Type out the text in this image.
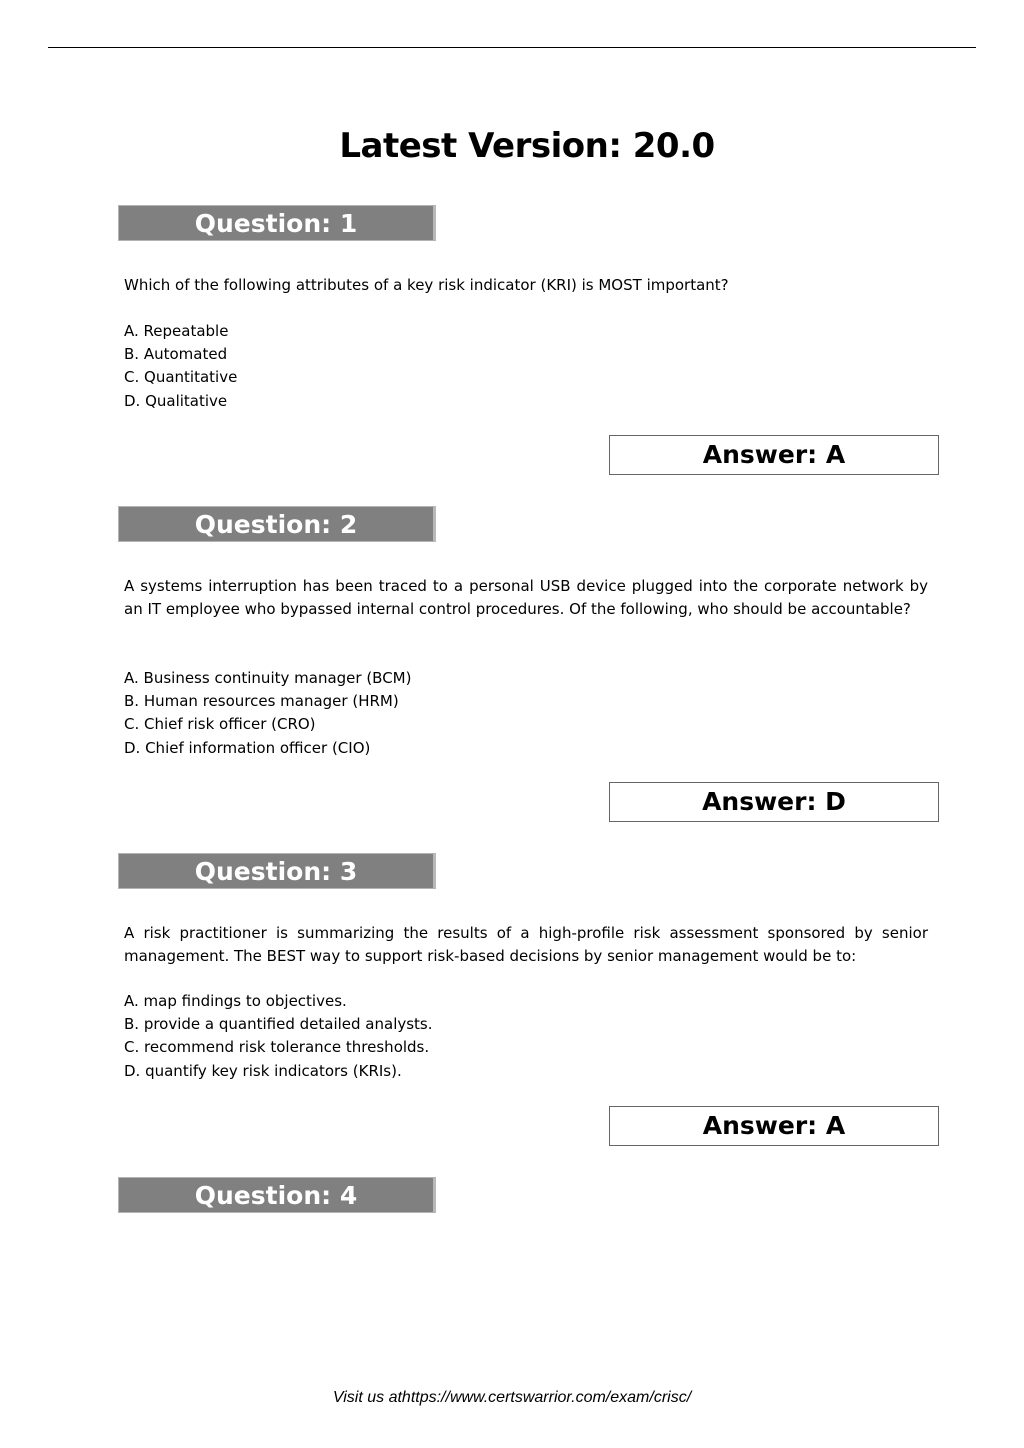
Latest Version: 20.0
Question: 1
Which of the following attributes of a key risk indicator (KRI) is MOST important?
A. Repeatable
B. Automated
C. Quantitative
D. Qualitative
Answer: A
Question: 2
A systems interruption has been traced to a personal USB device plugged into the corporate network by an IT employee who bypassed internal control procedures. Of the following, who should be accountable?
A. Business continuity manager (BCM)
B. Human resources manager (HRM)
C. Chief risk officer (CRO)
D. Chief information officer (CIO)
Answer: D
Question: 3
A risk practitioner is summarizing the results of a high-profile risk assessment sponsored by senior management. The BEST way to support risk-based decisions by senior management would be to:
A. map findings to objectives.
B. provide a quantified detailed analysts.
C. recommend risk tolerance thresholds.
D. quantify key risk indicators (KRIs).
Answer: A
Question: 4
Visit us athttps://www.certswarrior.com/exam/crisc/
